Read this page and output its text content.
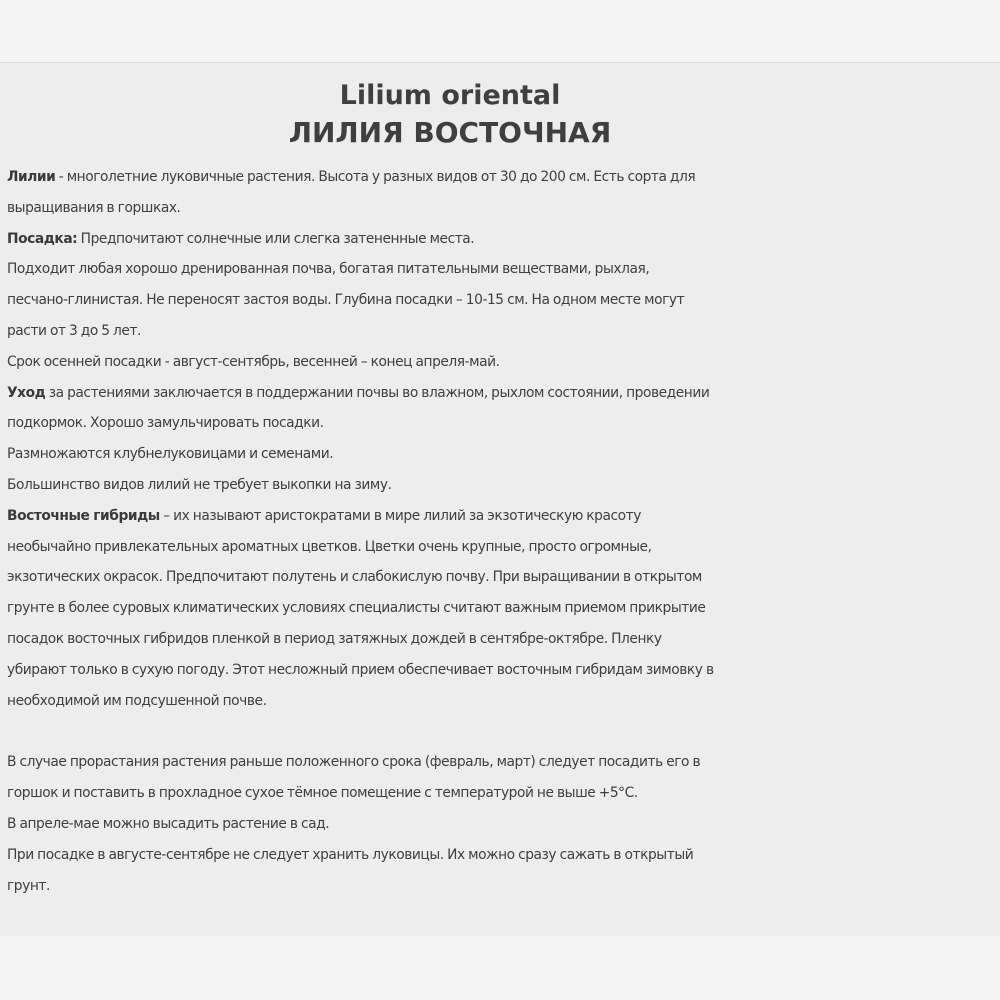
Lilium oriental
ЛИЛИЯ ВОСТОЧНАЯ
Лилии - многолетние луковичные растения. Высота у разных видов от 30 до 200 см. Есть сорта для
выращивания в горшках.
Посадка: Предпочитают солнечные или слегка затененные места.
Подходит любая хорошо дренированная почва, богатая питательными веществами, рыхлая,
песчано-глинистая. Не переносят застоя воды. Глубина посадки – 10-15 см. На одном месте могут
расти от 3 до 5 лет.
Срок осенней посадки - август-сентябрь, весенней – конец апреля-май.
Уход за растениями заключается в поддержании почвы во влажном, рыхлом состоянии, проведении
подкормок. Хорошо замульчировать посадки.
Размножаются клубнелуковицами и семенами.
Большинство видов лилий не требует выкопки на зиму.
Восточные гибриды – их называют аристократами в мире лилий за экзотическую красоту
необычайно привлекательных ароматных цветков. Цветки очень крупные, просто огромные,
экзотических окрасок. Предпочитают полутень и слабокислую почву. При выращивании в открытом
грунте в более суровых климатических условиях специалисты считают важным приемом прикрытие
посадок восточных гибридов пленкой в период затяжных дождей в сентябре-октябре. Пленку
убирают только в сухую погоду. Этот несложный прием обеспечивает восточным гибридам зимовку в
необходимой им подсушенной почве.
В случае прорастания растения раньше положенного срока (февраль, март) следует посадить его в
горшок и поставить в прохладное сухое тёмное помещение с температурой не выше +5°C.
В апреле-мае можно высадить растение в сад.
При посадке в августе-сентябре не следует хранить луковицы. Их можно сразу сажать в открытый
грунт.
